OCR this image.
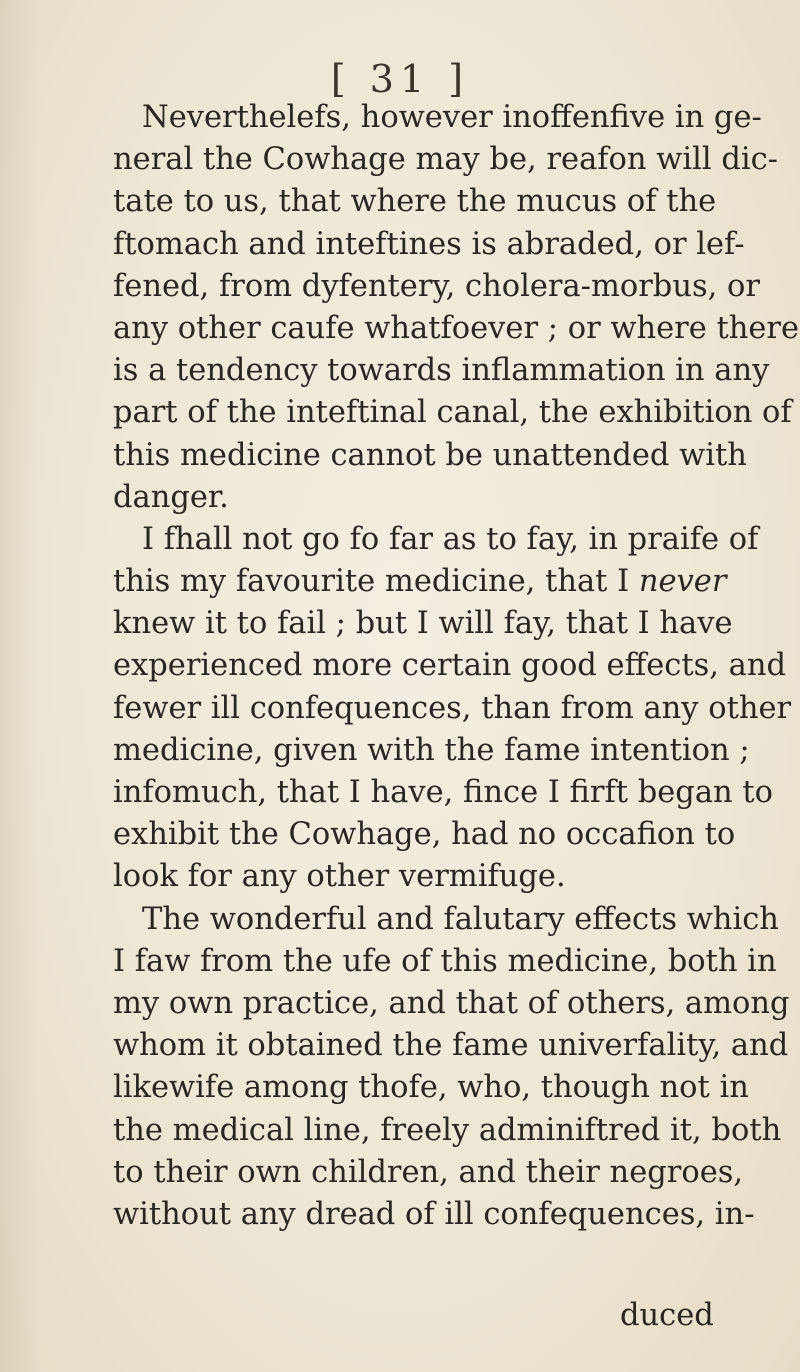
[ 31 ]
Neverthelefs, however inoffenfive in ge-
neral the Cowhage may be, reafon will dic-
tate to us, that where the mucus of the
ftomach and inteftines is abraded, or lef-
fened, from dyfentery, cholera-morbus, or
any other caufe whatfoever ; or where there
is a tendency towards inflammation in any
part of the inteftinal canal, the exhibition of
this medicine cannot be unattended with
danger.
I fhall not go fo far as to fay, in praife of
this my favourite medicine, that I never
knew it to fail ; but I will fay, that I have
experienced more certain good effects, and
fewer ill confequences, than from any other
medicine, given with the fame intention ;
infomuch, that I have, fince I firft began to
exhibit the Cowhage, had no occafion to
look for any other vermifuge.
The wonderful and falutary effects which
I faw from the ufe of this medicine, both in
my own practice, and that of others, among
whom it obtained the fame univerfality, and
likewife among thofe, who, though not in
the medical line, freely adminiftred it, both
to their own children, and their negroes,
without any dread of ill confequences, in-
duced
